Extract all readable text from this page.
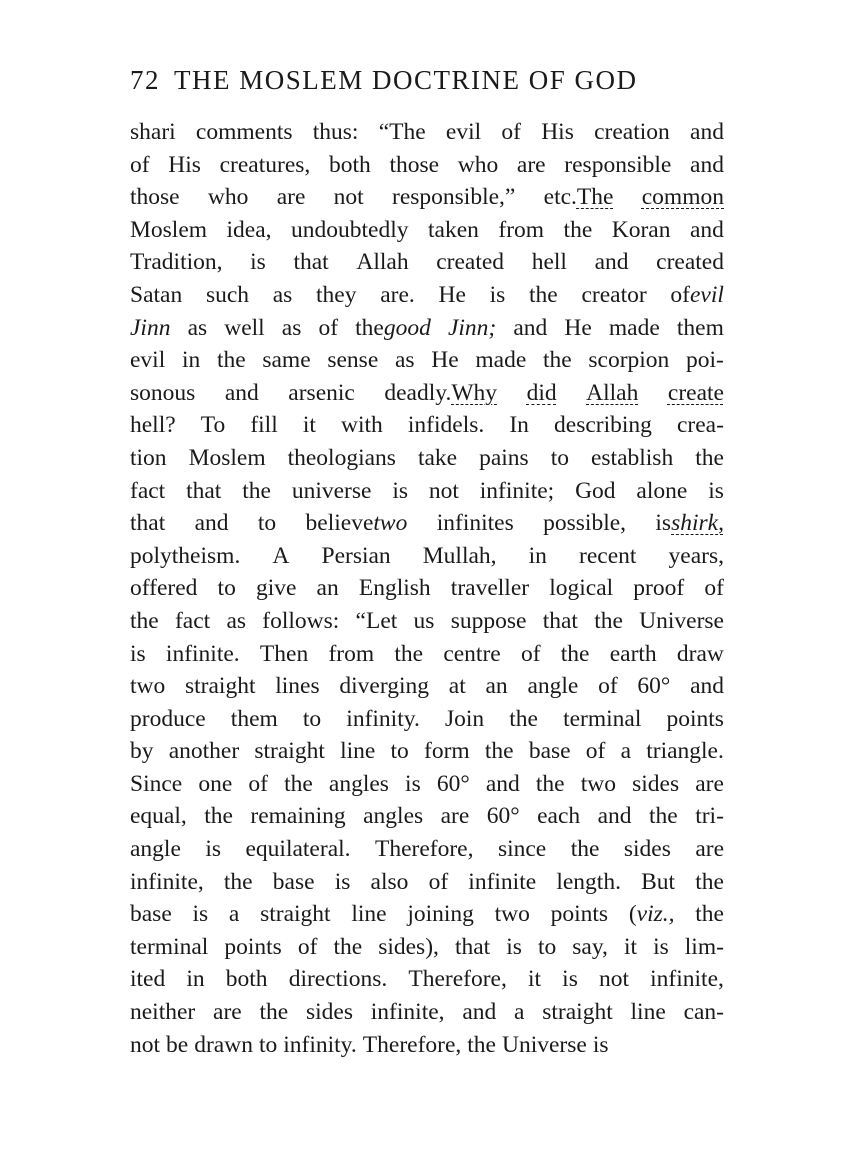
72 THE MOSLEM DOCTRINE OF GOD
shari comments thus: “The evil of His creation and
of His creatures, both those who are responsible and
those who are not responsible,” etc.The common
Moslem idea, undoubtedly taken from the Koran and
Tradition, is that Allah created hell and created
Satan such as they are. He is the creator ofevil
Jinn as well as of thegood Jinn; and He made them
evil in the same sense as He made the scorpion poi-
sonous and arsenic deadly.Why did Allah create
hell? To fill it with infidels. In describing crea-
tion Moslem theologians take pains to establish the
fact that the universe is not infinite; God alone is
that and to believetwo infinites possible, isshirk,
polytheism. A Persian Mullah, in recent years,
offered to give an English traveller logical proof of
the fact as follows: “Let us suppose that the Universe
is infinite. Then from the centre of the earth draw
two straight lines diverging at an angle of 60° and
produce them to infinity. Join the terminal points
by another straight line to form the base of a triangle.
Since one of the angles is 60° and the two sides are
equal, the remaining angles are 60° each and the tri-
angle is equilateral. Therefore, since the sides are
infinite, the base is also of infinite length. But the
base is a straight line joining two points (viz., the
terminal points of the sides), that is to say, it is lim-
ited in both directions. Therefore, it is not infinite,
neither are the sides infinite, and a straight line can-
not be drawn to infinity. Therefore, the Universe is
